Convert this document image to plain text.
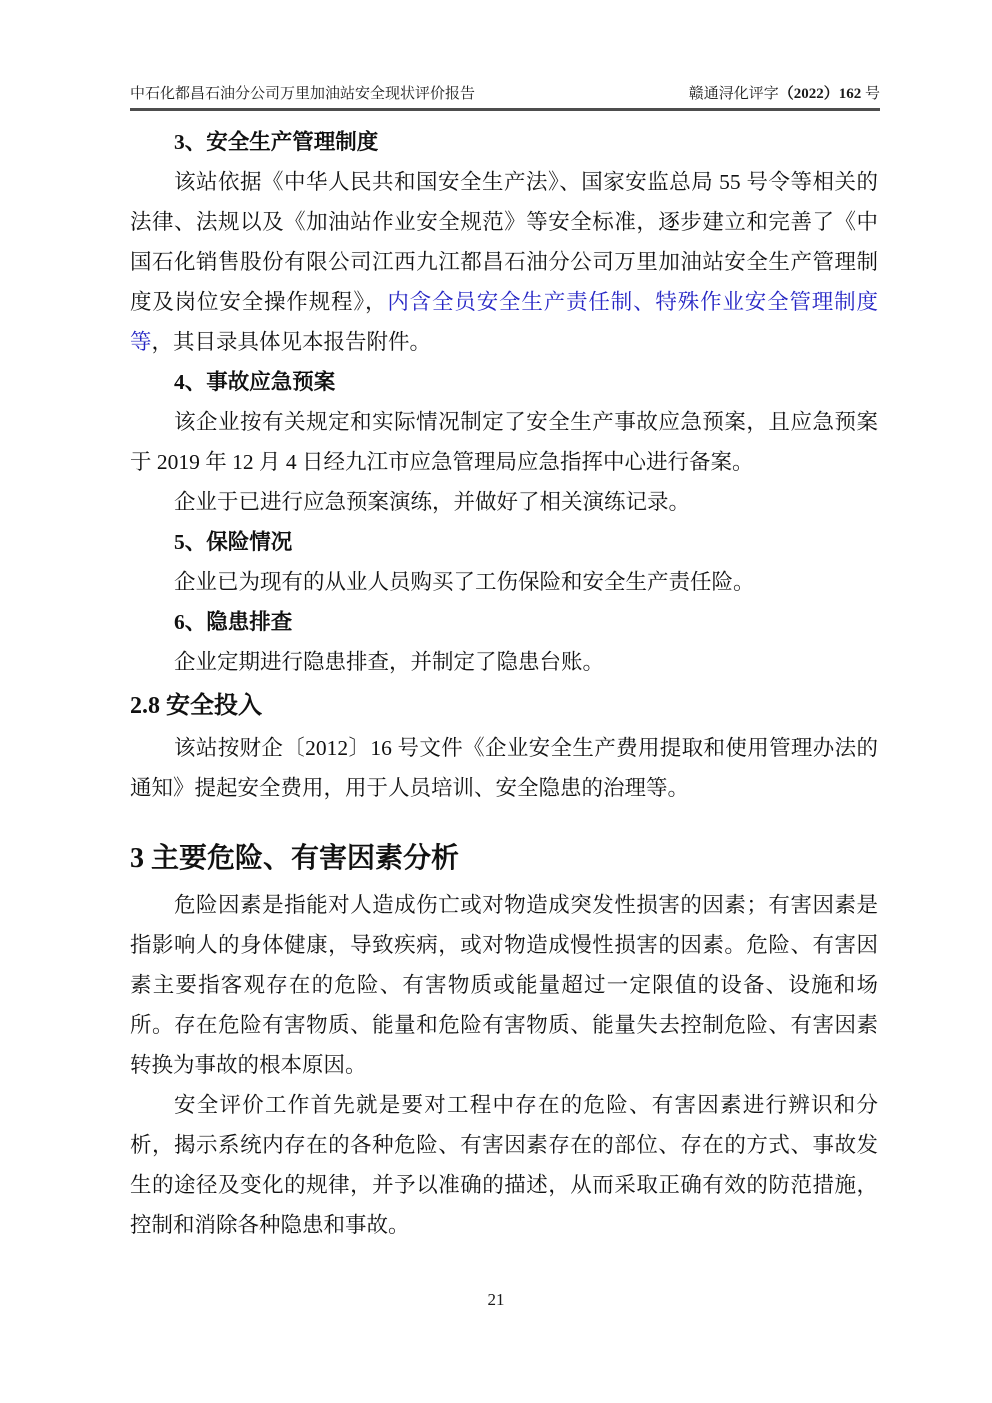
中石化都昌石油分公司万里加油站安全现状评价报告	赣通浔化评字（2022）162 号

3、安全生产管理制度

该站依据《中华人民共和国安全生产法》、国家安监总局 55 号令等相关的法律、法规以及《加油站作业安全规范》等安全标准，逐步建立和完善了《中国石化销售股份有限公司江西九江都昌石油分公司万里加油站安全生产管理制度及岗位安全操作规程》，内含全员安全生产责任制、特殊作业安全管理制度等，其目录具体见本报告附件。

4、事故应急预案

该企业按有关规定和实际情况制定了安全生产事故应急预案，且应急预案于 2019 年 12 月 4 日经九江市应急管理局应急指挥中心进行备案。

企业于已进行应急预案演练，并做好了相关演练记录。

5、保险情况

企业已为现有的从业人员购买了工伤保险和安全生产责任险。

6、隐患排查

企业定期进行隐患排查，并制定了隐患台账。

2.8 安全投入

该站按财企〔2012〕16 号文件《企业安全生产费用提取和使用管理办法的通知》提起安全费用，用于人员培训、安全隐患的治理等。

3 主要危险、有害因素分析

危险因素是指能对人造成伤亡或对物造成突发性损害的因素；有害因素是指影响人的身体健康，导致疾病，或对物造成慢性损害的因素。危险、有害因素主要指客观存在的危险、有害物质或能量超过一定限值的设备、设施和场所。存在危险有害物质、能量和危险有害物质、能量失去控制危险、有害因素转换为事故的根本原因。

安全评价工作首先就是要对工程中存在的危险、有害因素进行辨识和分析，揭示系统内存在的各种危险、有害因素存在的部位、存在的方式、事故发生的途径及变化的规律，并予以准确的描述，从而采取正确有效的防范措施，控制和消除各种隐患和事故。

21
